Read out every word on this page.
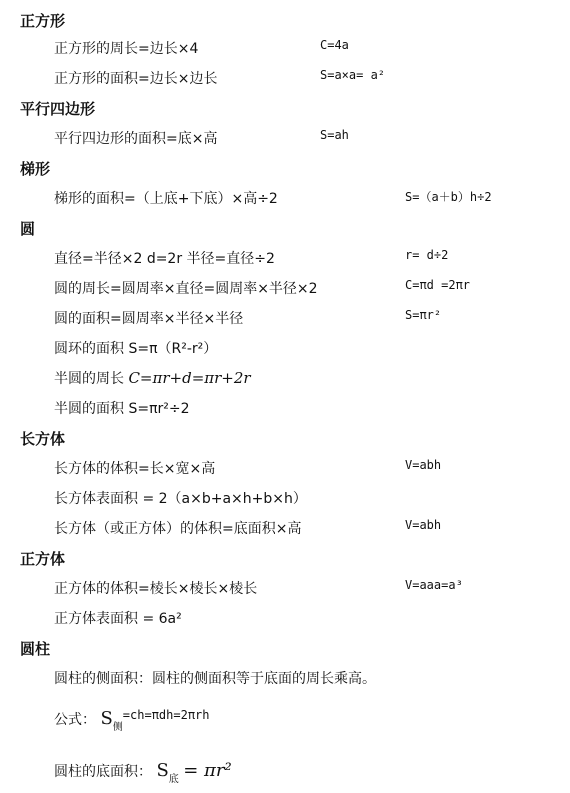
正方形
正方形的周长=边长×4	C=4a
正方形的面积=边长×边长	S=a×a= a²
平行四边形
平行四边形的面积=底×高	S=ah
梯形
梯形的面积=（上底+下底）×高÷2	S=（a＋b）h÷2
圆
直径=半径×2 d=2r 半径=直径÷2	r= d÷2
圆的周长=圆周率×直径=圆周率×半径×2	C=πd =2πr
圆的面积=圆周率×半径×半径	S=πr²
圆环的面积 S=π（R²-r²）
半圆的周长 C=πr+d=πr+2r
半圆的面积 S=πr²÷2
长方体
长方体的体积=长×宽×高	V=abh
长方体表面积 = 2（a×b+a×h+b×h）
长方体（或正方体）的体积=底面积×高	V=abh
正方体
正方体的体积=棱长×棱长×棱长	V=aaa=a³
正方体表面积 = 6a²
圆柱
圆柱的侧面积：圆柱的侧面积等于底面的周长乘高。
公式： $S_侧$
=ch=πdh=2πrh
圆柱的底面积： $S_底 = \pi r^2$
